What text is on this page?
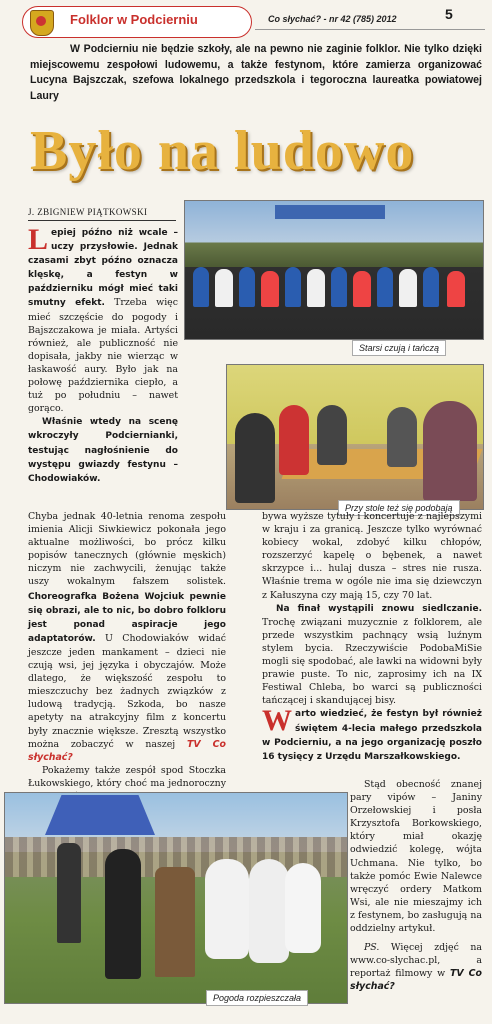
Folklor w Podcierniu	Co słychać? - nr 42 (785) 2012	5
W Podcierniu nie będzie szkoły, ale na pewno nie zaginie folklor. Nie tylko dzięki miejscowemu zespołowi ludowemu, a także festynom, które zamierza organizować Lucyna Bajszczak, szefowa lokalnego przedszkola i tegoroczna laureatka powiatowej Laury
Było na ludowo
J. ZBIGNIEW PIĄTKOWSKI

Lepiej późno niż wcale – uczy przysłowie. Jednak czasami zbyt późno oznacza klęskę, a festyn w październiku mógł mieć taki smutny efekt. Trzeba więc mieć szczęście do pogody i Bajszczakowa je miała. Artyści również, ale publiczność nie dopisała, jakby nie wierząc w łaskawość aury. Było jak na połowę października ciepło, a tuż po południu – nawet gorąco.

Właśnie wtedy na scenę wkroczyły Podcierniankі, testując nagłośnienie do występu gwiazdy festynu – Chodowiaków.

Starsi czują i tańczą
Przy stole też się podobają

Chyba jednak 40-letnia renoma zespołu imienia Alicji Siwkiewicz pokonała jego aktualne możliwości, bo prócz kilku popisów tanecznych (głównie męskich) niczym nie zachwycili, żenując także uszy wokalnym fałszem solistek. Choreografka Bożena Wojciuk pewnie się obrazi, ale to nic, bo dobro folkloru jest ponad aspiracje jego adaptatorów. U Chodowiaków widać jeszcze jeden mankament – dzieci nie czują wsi, jej języka i obyczajów. Może dlatego, że większość zespołu to mieszczuchy bez żadnych związków z ludową tradycją. Szkoda, bo nasze apetyty na atrakcyjny film z koncertu były znacznie większe. Zresztą wszystko można zobaczyć w naszej TV Co słychać?

Pokażemy także zespół spod Stoczka Łukowskiego, który choć ma jednoroczny

bywa wyższe tytuły i koncertuje z najlepszymi w kraju i za granicą. Jeszcze tylko wyrównać kobiecy wokal, zdobyć kilku chłopów, rozszerzyć kapelę o bębenek, a nawet skrzypce i... hulaj dusza – stres nie rusza. Właśnie trema w ogóle nie ima się dziewczyn z Kałuszyna czy mają 15, czy 70 lat.

Na finał wystąpili znowu siedlczanie. Trochę związani muzycznie z folklorem, ale przede wszystkim pachnący wsią luźnym stylem bycia. Rzeczywiście PodobaMiSie mogli się spodobać, ale ławki na widowni były prawie puste. To nic, zaprosimy ich na IX Festiwal Chleba, bo warci są publiczności tańczącej i skandującej bisy.

Warto wiedzieć, że festyn był również świętem 4-lecia małego przedszkola w Podcierniu, a na jego organizację poszło 16 tysięcy z Urzędu Marszałkowskiego.

Stąd obecność znanej pary vipów – Janiny Orzełowskiej i posła Krzysztofa Borkowskiego, który miał okazję odwiedzić kolegę, wójta Uchmana. Nie tylko, bo także pomóc Ewie Nalewce wręczyć ordery Matkom Wsi, ale nie mieszajmy ich z festynem, bo zasługują na oddzielny artykuł.

PS. Więcej zdjęć na www.co-slychac.pl, a reportaż filmowy w TV Co słychać?

Pogoda rozpieszczała
